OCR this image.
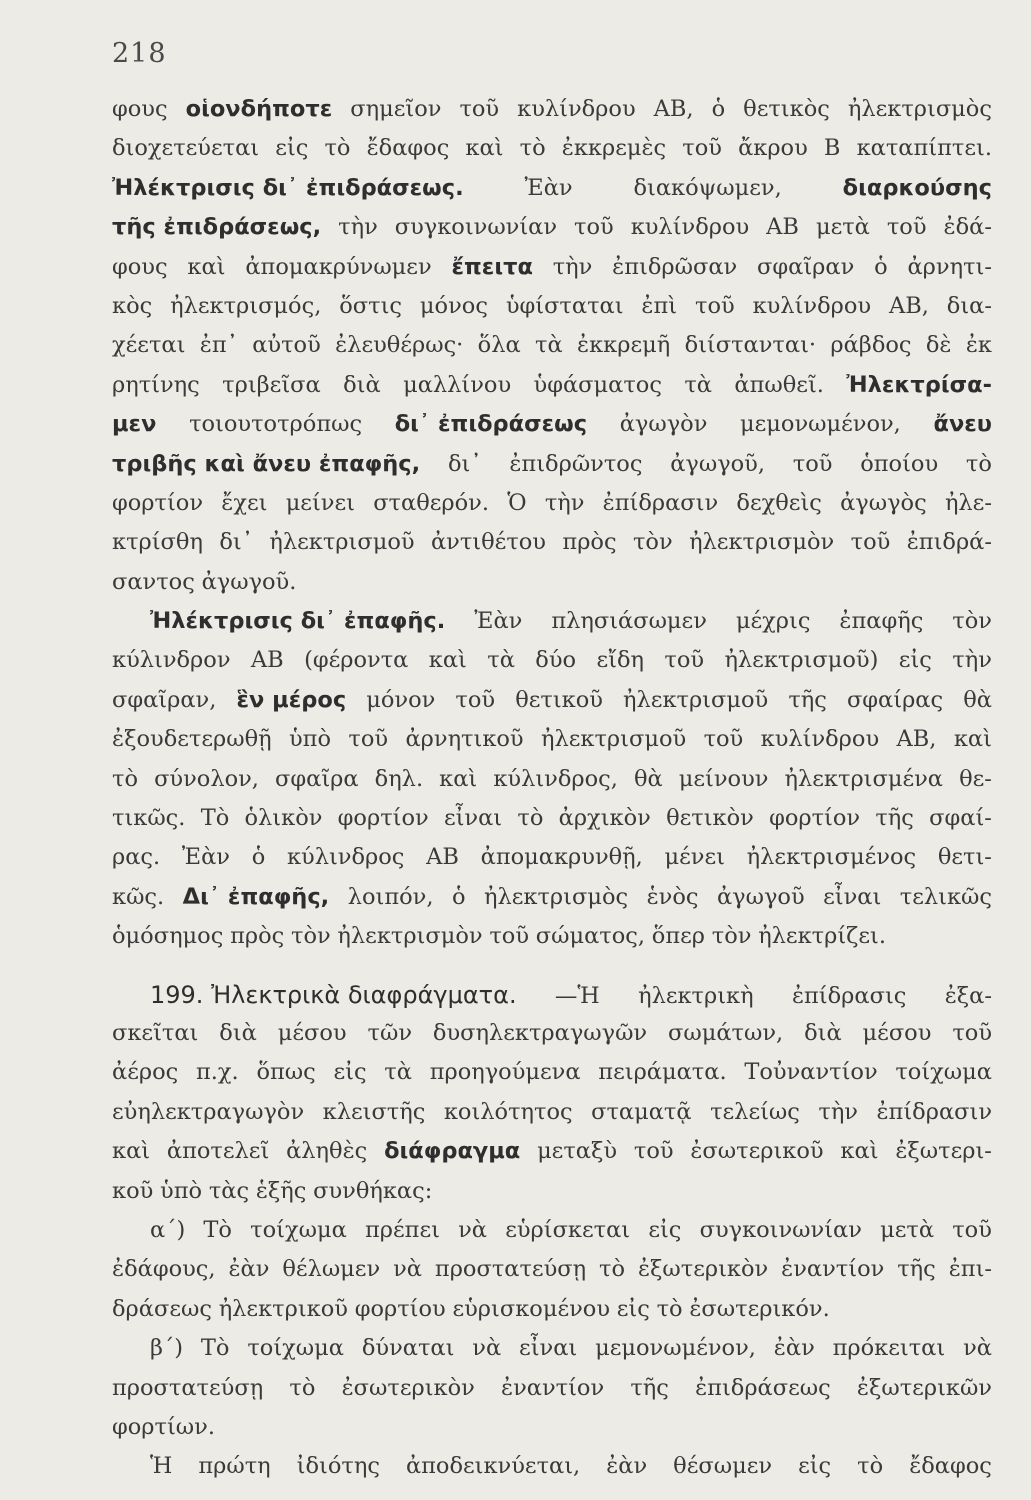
218
φους οἱονδήποτε σημεῖον τοῦ κυλίνδρου ΑΒ, ὁ θετικὸς ἠλεκτρισμὸς
διοχετεύεται εἰς τὸ ἔδαφος καὶ τὸ ἐκκρεμὲς τοῦ ἄκρου Β καταπίπτει.
Ἠλέκτρισις δι᾽ ἐπιδράσεως.	Ἐὰν	διακόψωμεν,	διαρκούσης
τῆς ἐπιδράσεως, τὴν συγκοινωνίαν τοῦ κυλίνδρου ΑΒ μετὰ τοῦ ἐδά-
φους καὶ ἀπομακρύνωμεν ἔπειτα τὴν ἐπιδρῶσαν σφαῖραν ὁ ἀρνητι-
κὸς ἠλεκτρισμός, ὅστις μόνος ὑφίσταται ἐπὶ τοῦ κυλίνδρου ΑΒ, δια-
χέεται ἐπ᾽ αὐτοῦ ἐλευθέρως· ὅλα τὰ ἐκκρεμῆ διίστανται· ράβδος δὲ ἐκ
ρητίνης τριβεῖσα διὰ μαλλίνου ὑφάσματος τὰ ἀπωθεῖ. Ἠλεκτρίσα-
μεν τοιουτοτρόπως δι᾽ ἐπιδράσεως ἀγωγὸν μεμονωμένον, ἄνευ
τριβῆς καὶ ἄνευ ἐπαφῆς, δι᾽ ἐπιδρῶντος ἀγωγοῦ, τοῦ ὁποίου τὸ
φορτίον ἔχει μείνει σταθερόν. Ὁ τὴν ἐπίδρασιν δεχθεὶς ἀγωγὸς ἠλε-
κτρίσθη δι᾽ ἠλεκτρισμοῦ ἀντιθέτου πρὸς τὸν ἠλεκτρισμὸν τοῦ ἐπιδρά-
σαντος ἀγωγοῦ.
Ἠλέκτρισις δι᾽ ἐπαφῆς. Ἐὰν πλησιάσωμεν μέχρις ἐπαφῆς τὸν
κύλινδρον ΑΒ (φέροντα καὶ τὰ δύο εἴδη τοῦ ἠλεκτρισμοῦ) εἰς τὴν
σφαῖραν, ἓν μέρος μόνον τοῦ θετικοῦ ἠλεκτρισμοῦ τῆς σφαίρας θὰ
ἐξουδετερωθῇ ὑπὸ τοῦ ἀρνητικοῦ ἠλεκτρισμοῦ τοῦ κυλίνδρου ΑΒ, καὶ
τὸ σύνολον, σφαῖρα δηλ. καὶ κύλινδρος, θὰ μείνουν ἠλεκτρισμένα θε-
τικῶς. Τὸ ὁλικὸν φορτίον εἶναι τὸ ἀρχικὸν θετικὸν φορτίον τῆς σφαί-
ρας. Ἐὰν ὁ κύλινδρος ΑΒ ἀπομακρυνθῇ, μένει ἠλεκτρισμένος θετι-
κῶς. Δι᾽ ἐπαφῆς, λοιπόν, ὁ ἠλεκτρισμὸς ἑνὸς ἀγωγοῦ εἶναι τελικῶς
ὁμόσημος πρὸς τὸν ἠλεκτρισμὸν τοῦ σώματος, ὅπερ τὸν ἠλεκτρίζει.
199. Ἠλεκτρικὰ διαφράγματα. —Ἡ ἠλεκτρικὴ ἐπίδρασις ἐξα-
σκεῖται διὰ μέσου τῶν δυσηλεκτραγωγῶν σωμάτων, διὰ μέσου τοῦ
ἀέρος π.χ. ὅπως εἰς τὰ προηγούμενα πειράματα. Τοὐναντίον τοίχωμα
εὐηλεκτραγωγὸν κλειστῆς κοιλότητος σταματᾷ τελείως τὴν ἐπίδρασιν
καὶ ἀποτελεῖ ἀληθὲς διάφραγμα μεταξὺ τοῦ ἐσωτερικοῦ καὶ ἐξωτερι-
κοῦ ὑπὸ τὰς ἑξῆς συνθήκας:
α΄) Τὸ τοίχωμα πρέπει νὰ εὑρίσκεται εἰς συγκοινωνίαν μετὰ τοῦ
ἐδάφους, ἐὰν θέλωμεν νὰ προστατεύσῃ τὸ ἐξωτερικὸν ἐναντίον τῆς ἐπι-
δράσεως ἠλεκτρικοῦ φορτίου εὑρισκομένου εἰς τὸ ἐσωτερικόν.
β΄) Τὸ τοίχωμα δύναται νὰ εἶναι μεμονωμένον, ἐὰν πρόκειται νὰ
προστατεύσῃ τὸ ἐσωτερικὸν ἐναντίον τῆς ἐπιδράσεως ἐξωτερικῶν
φορτίων.
Ἡ πρώτη ἰδιότης ἀποδεικνύεται, ἐὰν θέσωμεν εἰς τὸ ἔδαφος
